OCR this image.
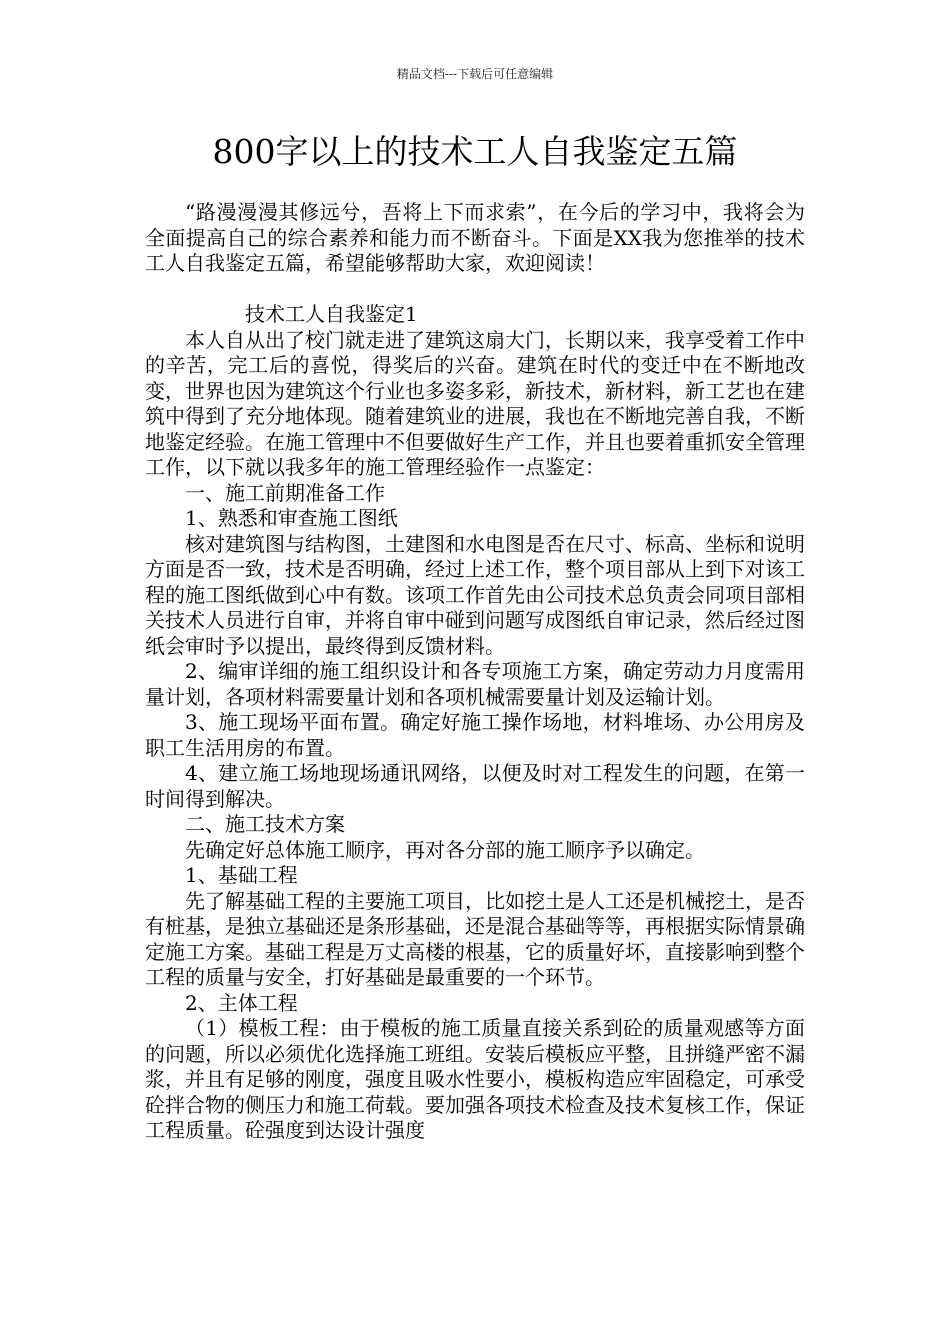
精品文档---下载后可任意编辑
800字以上的技术工人自我鉴定五篇

“路漫漫漫其修远兮，吾将上下而求索”，在今后的学习中，我将会为全面提高自己的综合素养和能力而不断奋斗。下面是XX我为您推举的技术工人自我鉴定五篇，希望能够帮助大家，欢迎阅读！

技术工人自我鉴定1

本人自从出了校门就走进了建筑这扇大门，长期以来，我享受着工作中的辛苦，完工后的喜悦，得奖后的兴奋。建筑在时代的变迁中在不断地改变，世界也因为建筑这个行业也多姿多彩，新技术，新材料，新工艺也在建筑中得到了充分地体现。随着建筑业的进展，我也在不断地完善自我，不断地鉴定经验。在施工管理中不但要做好生产工作，并且也要着重抓安全管理工作，以下就以我多年的施工管理经验作一点鉴定：

一、施工前期准备工作

1、熟悉和审查施工图纸

核对建筑图与结构图，土建图和水电图是否在尺寸、标高、坐标和说明方面是否一致，技术是否明确，经过上述工作，整个项目部从上到下对该工程的施工图纸做到心中有数。该项工作首先由公司技术总负责会同项目部相关技术人员进行自审，并将自审中碰到问题写成图纸自审记录，然后经过图纸会审时予以提出，最终得到反馈材料。

2、编审详细的施工组织设计和各专项施工方案，确定劳动力月度需用量计划，各项材料需要量计划和各项机械需要量计划及运输计划。

3、施工现场平面布置。确定好施工操作场地，材料堆场、办公用房及职工生活用房的布置。

4、建立施工场地现场通讯网络，以便及时对工程发生的问题，在第一时间得到解决。

二、施工技术方案

先确定好总体施工顺序，再对各分部的施工顺序予以确定。

1、基础工程

先了解基础工程的主要施工项目，比如挖土是人工还是机械挖土，是否有桩基，是独立基础还是条形基础，还是混合基础等等，再根据实际情景确定施工方案。基础工程是万丈高楼的根基，它的质量好坏，直接影响到整个工程的质量与安全，打好基础是最重要的一个环节。

2、主体工程

（1）模板工程：由于模板的施工质量直接关系到砼的质量观感等方面的问题，所以必须优化选择施工班组。安装后模板应平整，且拼缝严密不漏浆，并且有足够的刚度，强度且吸水性要小，模板构造应牢固稳定，可承受砼拌合物的侧压力和施工荷载。要加强各项技术检查及技术复核工作，保证工程质量。砼强度到达设计强度
